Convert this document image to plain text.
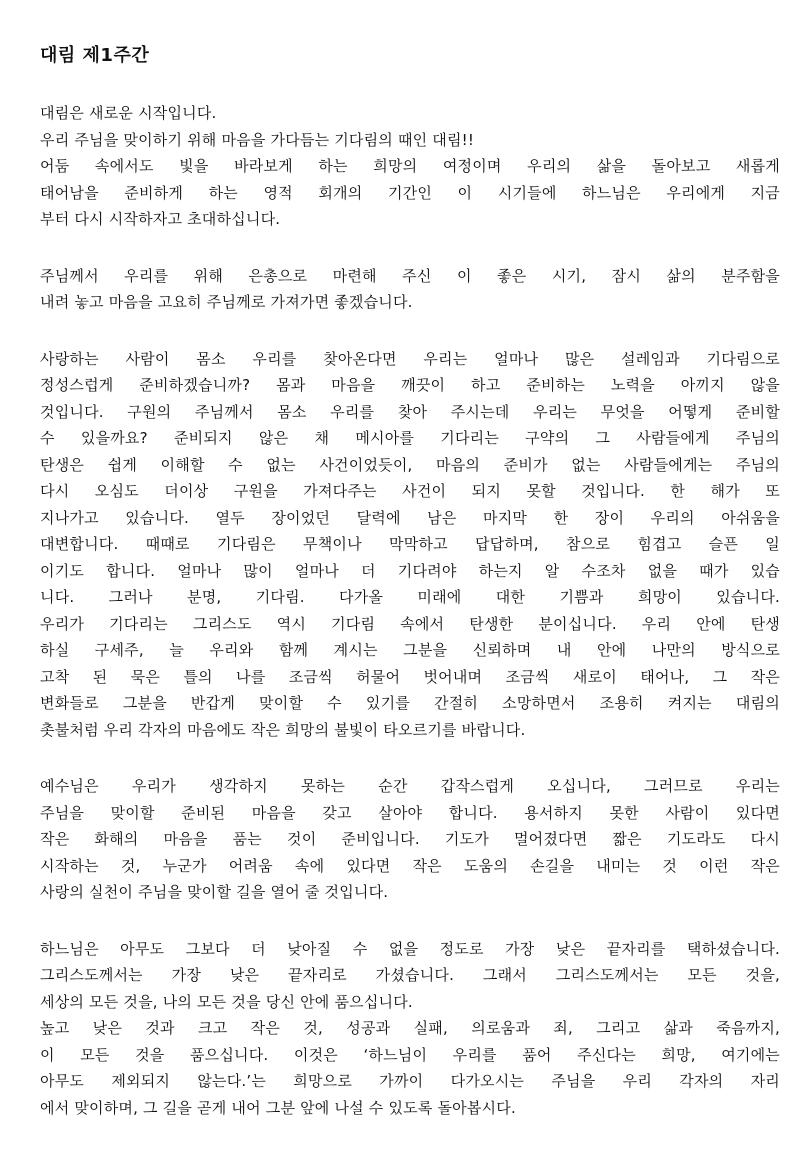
대림 제1주간
대림은 새로운 시작입니다.
우리 주님을 맞이하기 위해 마음을 가다듬는 기다림의 때인 대림!!
어둠 속에서도 빛을 바라보게 하는 희망의 여정이며 우리의 삶을 돌아보고 새롭게
태어남을 준비하게 하는 영적 회개의 기간인 이 시기들에 하느님은 우리에게 지금
부터 다시 시작하자고 초대하십니다.
주님께서 우리를 위해 은총으로 마련해 주신 이 좋은 시기, 잠시 삶의 분주함을
내려 놓고 마음을 고요히 주님께로 가져가면 좋겠습니다.
사랑하는 사람이 몸소 우리를 찾아온다면 우리는 얼마나 많은 설레임과 기다림으로
정성스럽게 준비하겠습니까? 몸과 마음을 깨끗이 하고 준비하는 노력을 아끼지 않을
것입니다. 구원의 주님께서 몸소 우리를 찾아 주시는데 우리는 무엇을 어떻게 준비할
수 있을까요? 준비되지 않은 채 메시아를 기다리는 구약의 그 사람들에게 주님의
탄생은 쉽게 이해할 수 없는 사건이었듯이, 마음의 준비가 없는 사람들에게는 주님의
다시 오심도 더이상 구원을 가져다주는 사건이 되지 못할 것입니다. 한 해가 또
지나가고 있습니다. 열두 장이었던 달력에 남은 마지막 한 장이 우리의 아쉬움을
대변합니다. 때때로 기다림은 무책이나 막막하고 답답하며, 참으로 힘겹고 슬픈 일
이기도 합니다. 얼마나 많이 얼마나 더 기다려야 하는지 알 수조차 없을 때가 있습
니다. 그러나 분명, 기다림. 다가올 미래에 대한 기쁨과 희망이 있습니다.
우리가 기다리는 그리스도 역시 기다림 속에서 탄생한 분이십니다. 우리 안에 탄생
하실 구세주, 늘 우리와 함께 계시는 그분을 신뢰하며 내 안에 나만의 방식으로
고착 된 묵은 틀의 나를 조금씩 허물어 벗어내며 조금씩 새로이 태어나, 그 작은
변화들로 그분을 반갑게 맞이할 수 있기를 간절히 소망하면서 조용히 켜지는 대림의
촛불처럼 우리 각자의 마음에도 작은 희망의 불빛이 타오르기를 바랍니다.
예수님은 우리가 생각하지 못하는 순간 갑작스럽게 오십니다, 그러므로 우리는
주님을 맞이할 준비된 마음을 갖고 살아야 합니다. 용서하지 못한 사람이 있다면
작은 화해의 마음을 품는 것이 준비입니다. 기도가 멀어졌다면 짧은 기도라도 다시
시작하는 것, 누군가 어려움 속에 있다면 작은 도움의 손길을 내미는 것 이런 작은
사랑의 실천이 주님을 맞이할 길을 열어 줄 것입니다.
하느님은 아무도 그보다 더 낮아질 수 없을 정도로 가장 낮은 끝자리를 택하셨습니다.
그리스도께서는 가장 낮은 끝자리로 가셨습니다. 그래서 그리스도께서는 모든 것을,
세상의 모든 것을, 나의 모든 것을 당신 안에 품으십니다.
높고 낮은 것과 크고 작은 것, 성공과 실패, 의로움과 죄, 그리고 삶과 죽음까지,
이 모든 것을 품으십니다. 이것은 ‘하느님이 우리를 품어 주신다는 희망, 여기에는
아무도 제외되지 않는다.’는 희망으로 가까이 다가오시는 주님을 우리 각자의 자리
에서 맞이하며, 그 길을 곧게 내어 그분 앞에 나설 수 있도록 돌아봅시다.
